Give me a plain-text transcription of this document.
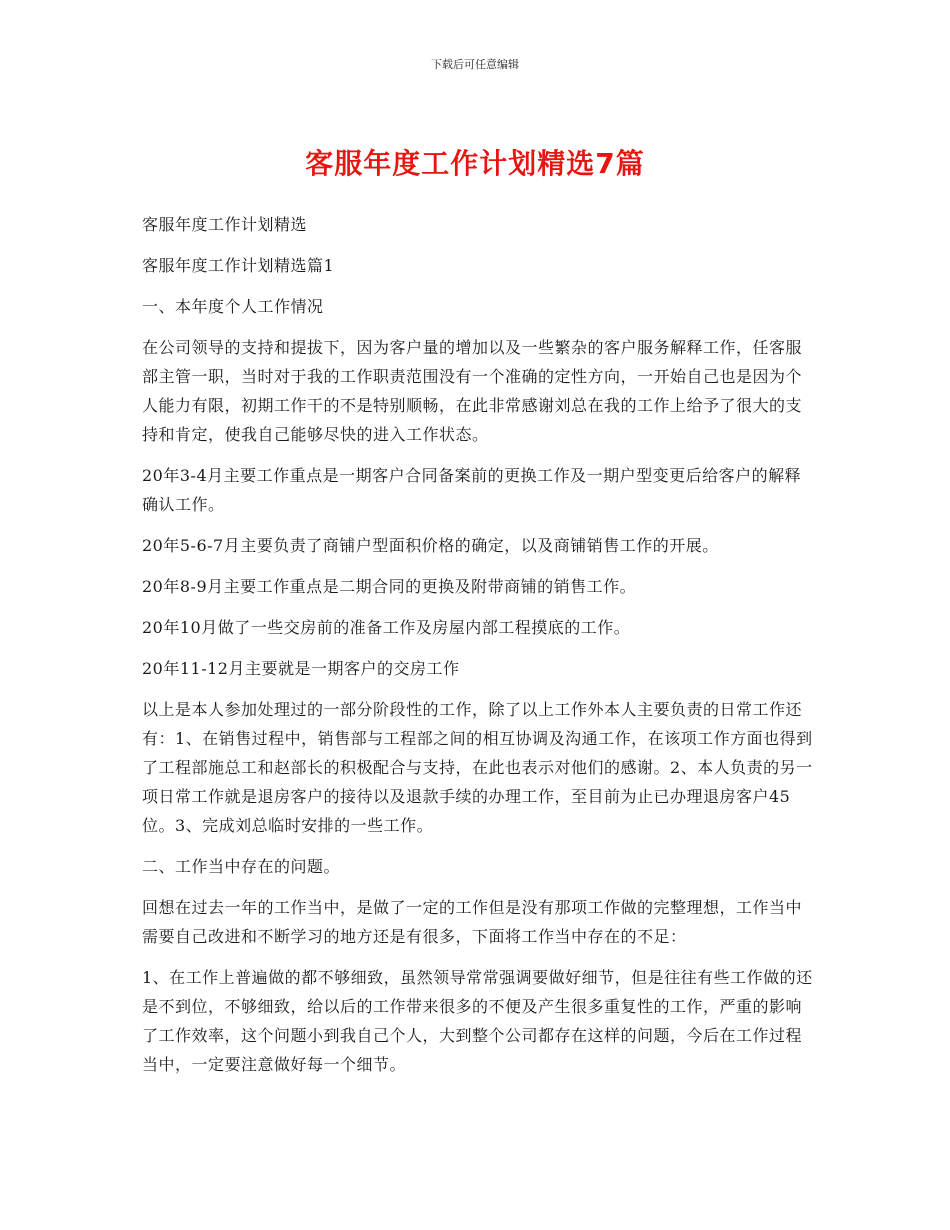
下载后可任意编辑
客服年度工作计划精选7篇

客服年度工作计划精选

客服年度工作计划精选篇1

一、本年度个人工作情况

在公司领导的支持和提拔下，因为客户量的增加以及一些繁杂的客户服务解释工作，任客服部主管一职，当时对于我的工作职责范围没有一个准确的定性方向，一开始自己也是因为个人能力有限，初期工作干的不是特别顺畅，在此非常感谢刘总在我的工作上给予了很大的支持和肯定，使我自己能够尽快的进入工作状态。

20年3-4月主要工作重点是一期客户合同备案前的更换工作及一期户型变更后给客户的解释确认工作。

20年5-6-7月主要负责了商铺户型面积价格的确定，以及商铺销售工作的开展。

20年8-9月主要工作重点是二期合同的更换及附带商铺的销售工作。

20年10月做了一些交房前的准备工作及房屋内部工程摸底的工作。

20年11-12月主要就是一期客户的交房工作

以上是本人参加处理过的一部分阶段性的工作，除了以上工作外本人主要负责的日常工作还有：1、在销售过程中，销售部与工程部之间的相互协调及沟通工作，在该项工作方面也得到了工程部施总工和赵部长的积极配合与支持，在此也表示对他们的感谢。2、本人负责的另一项日常工作就是退房客户的接待以及退款手续的办理工作，至目前为止已办理退房客户45位。3、完成刘总临时安排的一些工作。

二、工作当中存在的问题。

回想在过去一年的工作当中，是做了一定的工作但是没有那项工作做的完整理想，工作当中需要自己改进和不断学习的地方还是有很多，下面将工作当中存在的不足：

1、在工作上普遍做的都不够细致，虽然领导常常强调要做好细节，但是往往有些工作做的还是不到位，不够细致，给以后的工作带来很多的不便及产生很多重复性的工作，严重的影响了工作效率，这个问题小到我自己个人，大到整个公司都存在这样的问题，今后在工作过程当中，一定要注意做好每一个细节。
